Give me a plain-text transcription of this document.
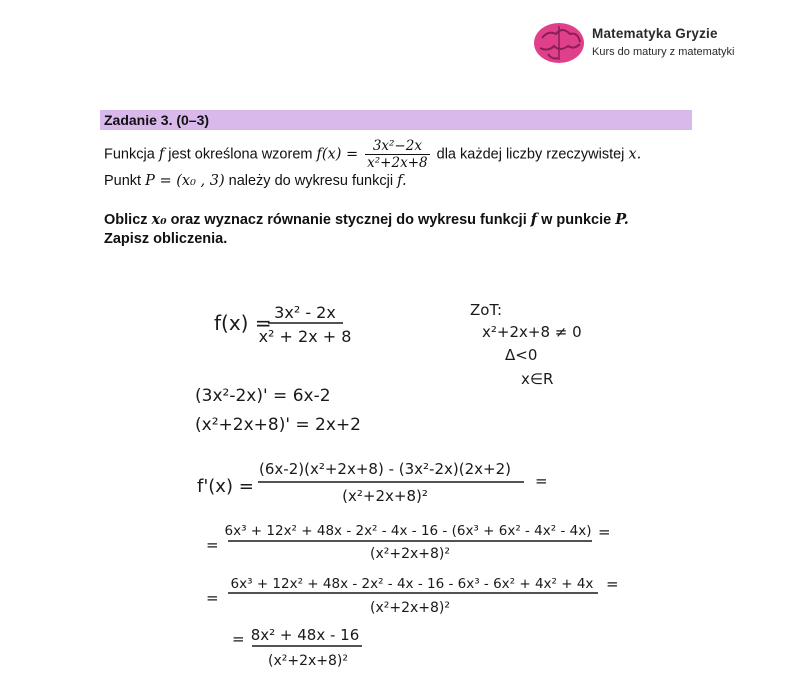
Matematyka Gryzie
Kurs do matury z matematyki
Zadanie 3. (0–3)
Funkcja f jest określona wzorem $f(x) = \frac{\text{3x²−2x}}{\text{x²+2x+8}}$ dla każdej liczby rzeczywistej x.
Punkt P = (x₀ , 3) należy do wykresu funkcji f.
Oblicz x₀ oraz wyznacz równanie stycznej do wykresu funkcji f w punkcie P.
Zapisz obliczenia.
f(x) = 3x² - 2x
x² + 2x + 8
ZoT:
x²+2x+8 ≠ 0
Δ<0
x∈R
(3x²-2x)' = 6x-2
(x²+2x+8)' = 2x+2
f'(x) =
(6x-2)(x²+2x+8) - (3x²-2x)(2x+2)
(x²+2x+8)²
=
=
6x³ + 12x² + 48x - 2x² - 4x - 16 - (6x³ + 6x² - 4x² - 4x)
(x²+2x+8)²
=
=
6x³ + 12x² + 48x - 2x² - 4x - 16 - 6x³ - 6x² + 4x² + 4x
(x²+2x+8)²
=
= 8x² + 48x - 16
(x²+2x+8)²
